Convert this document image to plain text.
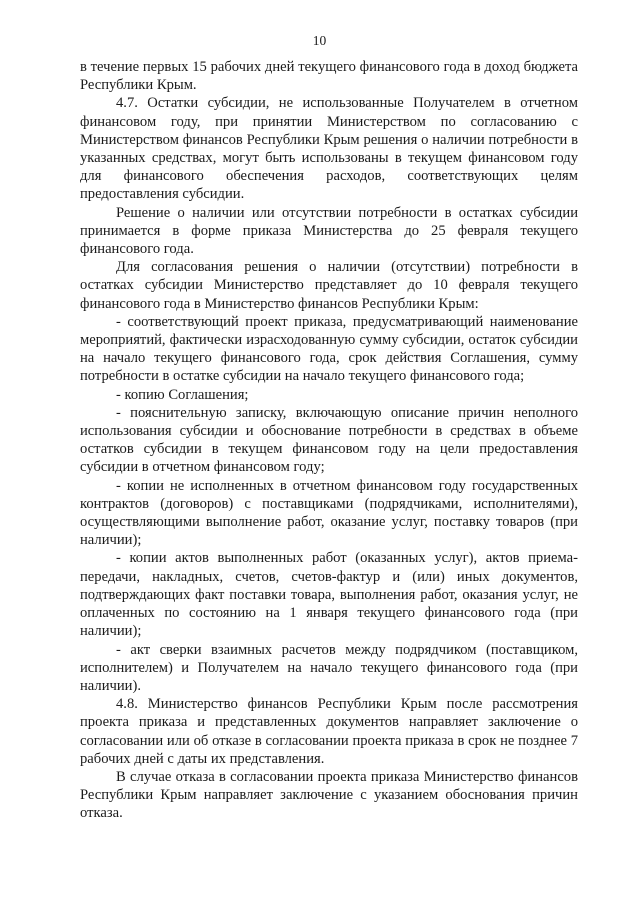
10

в течение первых 15 рабочих дней текущего финансового года в доход бюджета Республики Крым.

4.7. Остатки субсидии, не использованные Получателем в отчетном финансовом году, при принятии Министерством по согласованию с Министерством финансов Республики Крым решения о наличии потребности в указанных средствах, могут быть использованы в текущем финансовом году для финансового обеспечения расходов, соответствующих целям предоставления субсидии.

Решение о наличии или отсутствии потребности в остатках субсидии принимается в форме приказа Министерства до 25 февраля текущего финансового года.

Для согласования решения о наличии (отсутствии) потребности в остатках субсидии Министерство представляет до 10 февраля текущего финансового года в Министерство финансов Республики Крым:

- соответствующий проект приказа, предусматривающий наименование мероприятий, фактически израсходованную сумму субсидии, остаток субсидии на начало текущего финансового года, срок действия Соглашения, сумму потребности в остатке субсидии на начало текущего финансового года;

- копию Соглашения;

- пояснительную записку, включающую описание причин неполного использования субсидии и обоснование потребности в средствах в объеме остатков субсидии в текущем финансовом году на цели предоставления субсидии в отчетном финансовом году;

- копии не исполненных в отчетном финансовом году государственных контрактов (договоров) с поставщиками (подрядчиками, исполнителями), осуществляющими выполнение работ, оказание услуг, поставку товаров (при наличии);

- копии актов выполненных работ (оказанных услуг), актов приема-передачи, накладных, счетов, счетов-фактур и (или) иных документов, подтверждающих факт поставки товара, выполнения работ, оказания услуг, не оплаченных по состоянию на 1 января текущего финансового года (при наличии);

- акт сверки взаимных расчетов между подрядчиком (поставщиком, исполнителем) и Получателем на начало текущего финансового года (при наличии).

4.8. Министерство финансов Республики Крым после рассмотрения проекта приказа и представленных документов направляет заключение о согласовании или об отказе в согласовании проекта приказа в срок не позднее 7 рабочих дней с даты их представления.

В случае отказа в согласовании проекта приказа Министерство финансов Республики Крым направляет заключение с указанием обоснования причин отказа.
